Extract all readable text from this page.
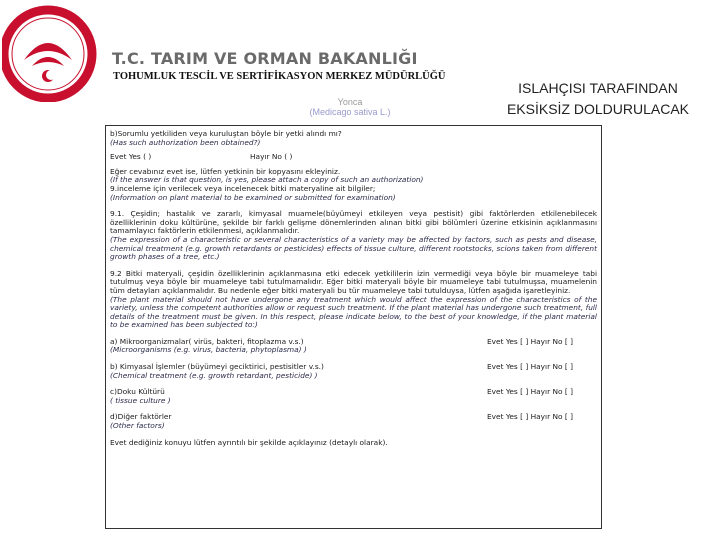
T.C. TARIM VE ORMAN BAKANLIĞI
TOHUMLUK TESCİL VE SERTİFİKASYON MERKEZ MÜDÜRLÜĞÜ
ISLAHÇISI TARAFINDAN
EKSİKSİZ DOLDURULACAK
Yonca
(Medicago sativa L.)

b)Sorumlu yetkiliden veya kuruluştan böyle bir yetki alındı mı?

(Has such authorization been obtained?)

Evet Yes ( )	Hayır No ( )

Eğer cevabınız evet ise, lütfen yetkinin bir kopyasını ekleyiniz.

(If the answer is that question, is yes, please attach a copy of such an authorization)

9.inceleme için verilecek veya incelenecek bitki materyaline ait bilgiler;

(Information on plant material to be examined or submitted for examination)

9.1. Çeşidin; hastalık ve zararlı, kimyasal muamele(büyümeyi etkileyen veya pestisit) gibi faktörlerden etkilenebilecek özelliklerinin doku kültürüne, şekilde bir farklı gelişme dönemlerinden alınan bitki gibi bölümleri üzerine etkisinin açıklanmasını tamamlayıcı faktörlerin etkilenmesi, açıklanmalıdır.

(The expression of a characteristic or several characteristics of a variety may be affected by factors, such as pests and disease, chemical treatment (e.g. growth retardants or pesticides) effects of tissue culture, different rootstocks, scions taken from different growth phases of a tree, etc.)

9.2 Bitki materyali, çeşidin özelliklerinin açıklanmasına etki edecek yetkililerin izin vermediği veya böyle bir muameleye tabi tutulmuş veya böyle bir muameleye tabi tutulmamalıdır. Eğer bitki materyali böyle bir muameleye tabi tutulmuşsa, muamelenin tüm detayları açıklanmalıdır. Bu nedenle eğer bitki materyali bu tür muameleye tabi tutulduysa, lütfen aşağıda işaretleyiniz.

(The plant material should not have undergone any treatment which would affect the expression of the characteristics of the variety, unless the competent authorities allow or request such treatment. If the plant material has undergone such treatment, full details of the treatment must be given. In this respect, please indicate below, to the best of your knowledge, if the plant material to be examined has been subjected to:)

a) Mikroorganizmalar( virüs, bakteri, fitoplazma v.s.)

(Microorganisms (e.g. virus, bacteria, phytoplasma) )

Evet Yes [ ] Hayır No [ ]

b) Kimyasal İşlemler (büyümeyi geciktirici, pestisitler v.s.)

(Chemical treatment (e.g. growth retardant, pesticide) )

Evet Yes [ ] Hayır No [ ]

c)Doku Kültürü

( tissue culture )

Evet Yes [ ] Hayır No [ ]

d)Diğer faktörler

(Other factors)

Evet Yes [ ] Hayır No [ ]

Evet dediğiniz konuyu lütfen ayrıntılı bir şekilde açıklayınız (detaylı olarak).
